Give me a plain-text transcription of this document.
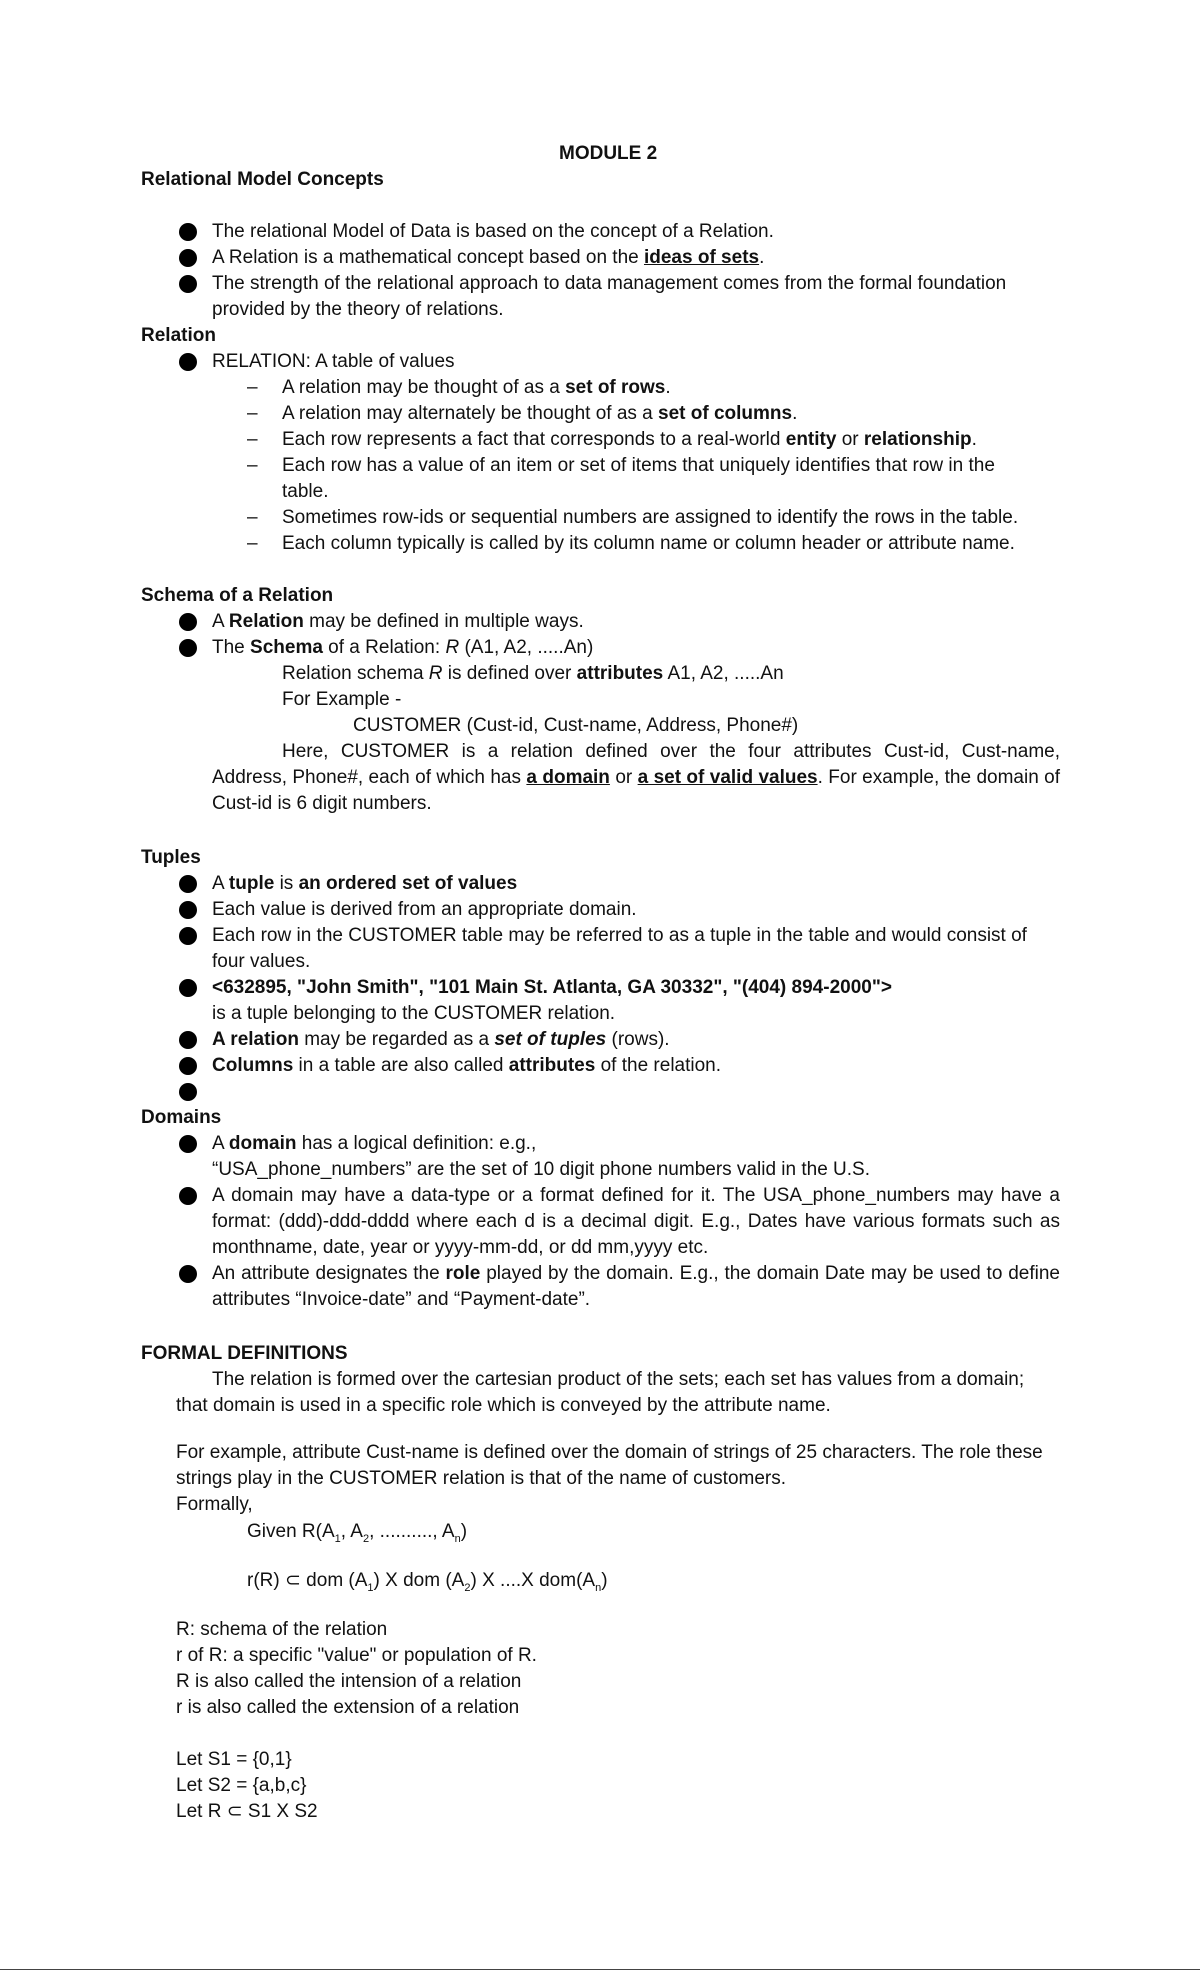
MODULE 2
Relational Model Concepts
The relational Model of Data is based on the concept of a Relation.
A Relation is a mathematical concept based on the ideas of sets.
The strength of the relational approach to data management comes from the formal foundation
provided by the theory of relations.
Relation
RELATION: A table of values
– A relation may be thought of as a set of rows.
– A relation may alternately be thought of as a set of columns.
– Each row represents a fact that corresponds to a real-world entity or relationship.
– Each row has a value of an item or set of items that uniquely identifies that row in the
table.
– Sometimes row-ids or sequential numbers are assigned to identify the rows in the table.
– Each column typically is called by its column name or column header or attribute name.
Schema of a Relation
A Relation may be defined in multiple ways.
The Schema of a Relation: R (A1, A2, .....An)
Relation schema R is defined over attributes A1, A2, .....An
For Example -
CUSTOMER (Cust-id, Cust-name, Address, Phone#)
Here, CUSTOMER is a relation defined over the four attributes Cust-id, Cust-name, Address, Phone#, each of which has a domain or a set of valid values. For example, the domain of Cust-id is 6 digit numbers.
Tuples
A tuple is an ordered set of values
Each value is derived from an appropriate domain.
Each row in the CUSTOMER table may be referred to as a tuple in the table and would consist of
four values.
<632895, "John Smith", "101 Main St. Atlanta, GA 30332", "(404) 894-2000">
is a tuple belonging to the CUSTOMER relation.
A relation may be regarded as a set of tuples (rows).
Columns in a table are also called attributes of the relation.
Domains
A domain has a logical definition: e.g.,
“USA_phone_numbers” are the set of 10 digit phone numbers valid in the U.S.
A domain may have a data-type or a format defined for it. The USA_phone_numbers may have a format: (ddd)-ddd-dddd where each d is a decimal digit. E.g., Dates have various formats such as monthname, date, year or yyyy-mm-dd, or dd mm,yyyy etc.
An attribute designates the role played by the domain. E.g., the domain Date may be used to define attributes “Invoice-date” and “Payment-date”.
FORMAL DEFINITIONS
The relation is formed over the cartesian product of the sets; each set has values from a domain; that domain is used in a specific role which is conveyed by the attribute name.
For example, attribute Cust-name is defined over the domain of strings of 25 characters. The role these strings play in the CUSTOMER relation is that of the name of customers.
Formally,
Given $R(A_1$, $A_2$, .........., $A_n$)
r(R) ⊂ dom $(A_1)$ X dom $(A_2)$ X ....X $dom(A_n)$
R: schema of the relation
r of R: a specific "value" or population of R.
R is also called the intension of a relation
r is also called the extension of a relation
Let S1 = {0,1}
Let S2 = {a,b,c}
Let R ⊂ S1 X S2
